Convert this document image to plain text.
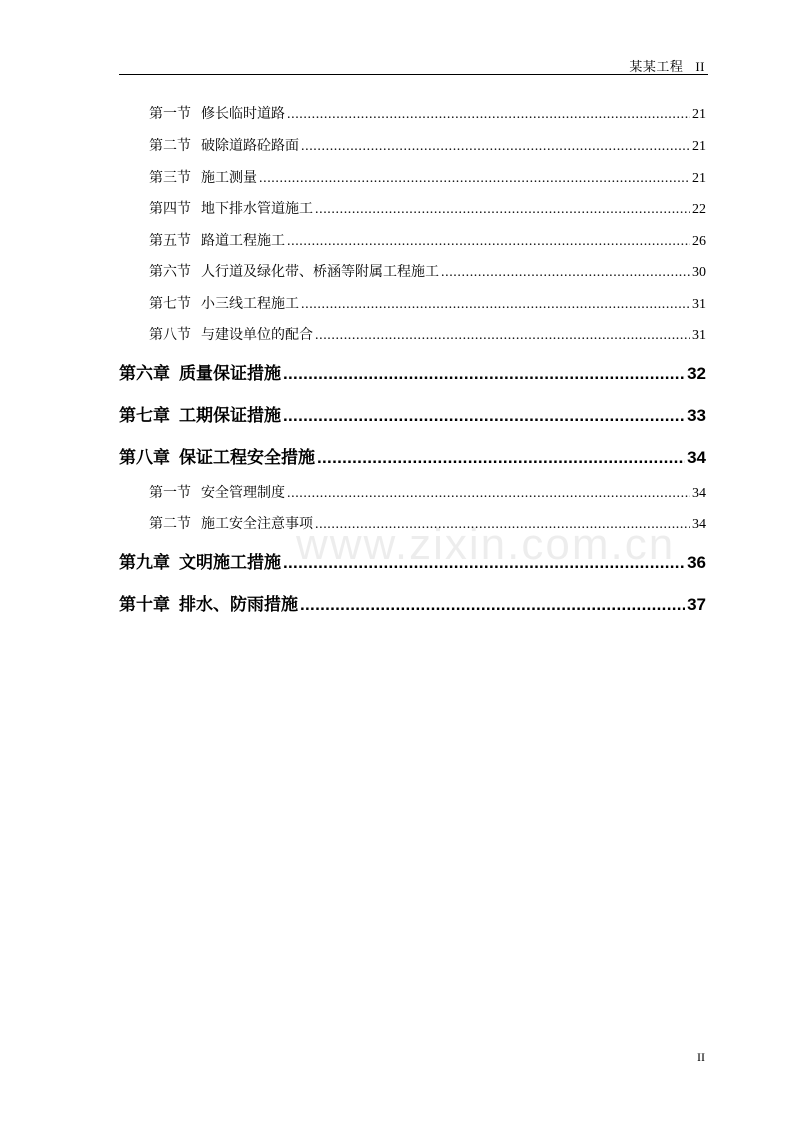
某某工程 II
第一节 修长临时道路 .....	21
第二节 破除道路砼路面 .....	21
第三节 施工测量 .....	21
第四节 地下排水管道施工 .....	22
第五节 路道工程施工 .....	26
第六节 人行道及绿化带、桥涵等附属工程施工 .....	30
第七节 小三线工程施工 .....	31
第八节 与建设单位的配合 .....	31
第六章 质量保证措施 .....	32
第七章 工期保证措施 .....	33
第八章 保证工程安全措施 .....	34
第一节 安全管理制度 .....	34
第二节 施工安全注意事项 .....	34
第九章 文明施工措施 .....	36
第十章 排水、防雨措施 .....	37
www.zixin.com.cn
II
